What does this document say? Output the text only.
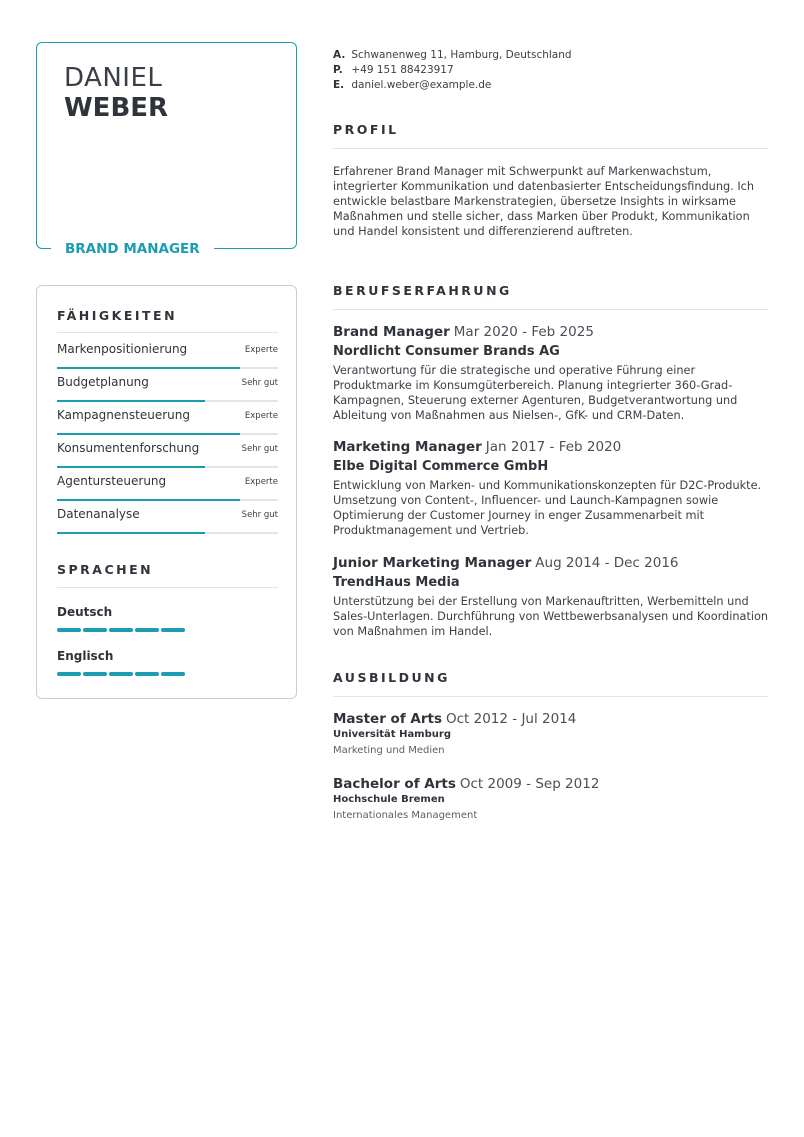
DANIEL
WEBER
BRAND MANAGER
FÄHIGKEITEN
Markenpositionierung	Experte
Budgetplanung	Sehr gut
Kampagnensteuerung	Experte
Konsumentenforschung	Sehr gut
Agentursteuerung	Experte
Datenanalyse	Sehr gut
SPRACHEN
Deutsch
Englisch
A. Schwanenweg 11, Hamburg, Deutschland
P. +49 151 88423917
E. daniel.weber@example.de
PROFIL
Erfahrener Brand Manager mit Schwerpunkt auf Markenwachstum, integrierter Kommunikation und datenbasierter Entscheidungsfindung. Ich entwickle belastbare Markenstrategien, übersetze Insights in wirksame Maßnahmen und stelle sicher, dass Marken über Produkt, Kommunikation und Handel konsistent und differenzierend auftreten.
BERUFSERFAHRUNG
Brand Manager Mar 2020 - Feb 2025
Nordlicht Consumer Brands AG
Verantwortung für die strategische und operative Führung einer Produktmarke im Konsumgüterbereich. Planung integrierter 360-Grad-Kampagnen, Steuerung externer Agenturen, Budgetverantwortung und Ableitung von Maßnahmen aus Nielsen-, GfK- und CRM-Daten.
Marketing Manager Jan 2017 - Feb 2020
Elbe Digital Commerce GmbH
Entwicklung von Marken- und Kommunikationskonzepten für D2C-Produkte. Umsetzung von Content-, Influencer- und Launch-Kampagnen sowie Optimierung der Customer Journey in enger Zusammenarbeit mit Produktmanagement und Vertrieb.
Junior Marketing Manager Aug 2014 - Dec 2016
TrendHaus Media
Unterstützung bei der Erstellung von Markenauftritten, Werbemitteln und Sales-Unterlagen. Durchführung von Wettbewerbsanalysen und Koordination von Maßnahmen im Handel.
AUSBILDUNG
Master of Arts Oct 2012 - Jul 2014
Universität Hamburg
Marketing und Medien
Bachelor of Arts Oct 2009 - Sep 2012
Hochschule Bremen
Internationales Management
